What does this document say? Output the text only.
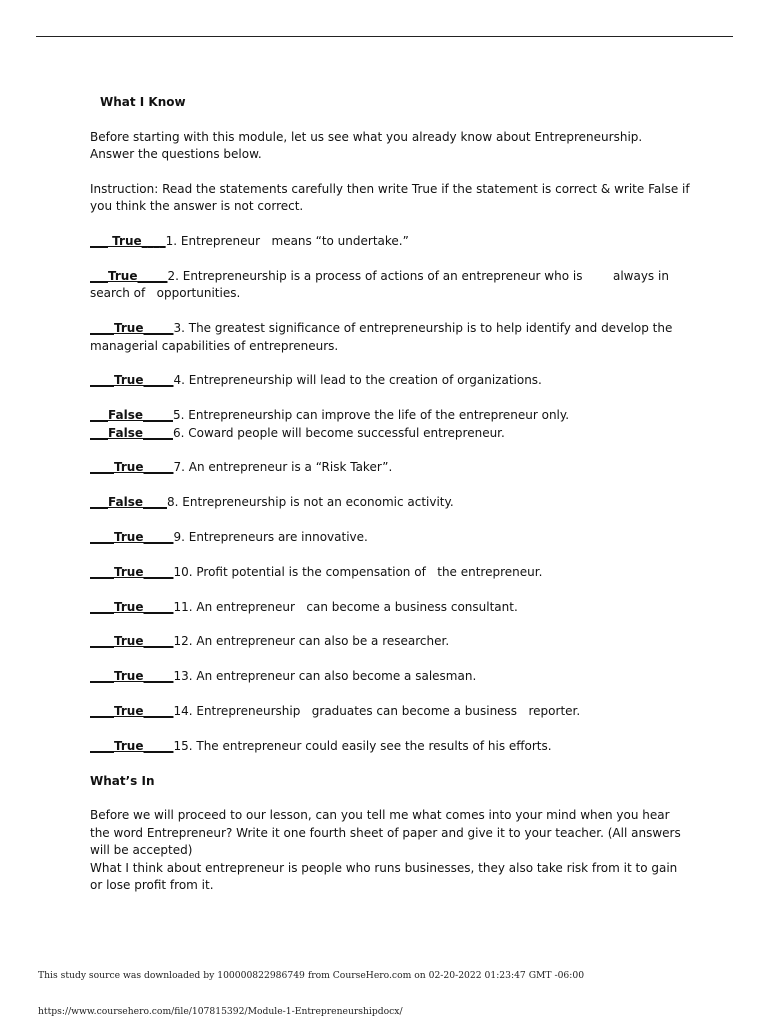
What I Know

Before starting with this module, let us see what you already know about Entrepreneurship. Answer the questions below.

Instruction: Read the statements carefully then write True if the statement is correct & write False if you think the answer is not correct.

___ True____1. Entrepreneur   means “to undertake.”

___True_____2. Entrepreneurship is a process of actions of an entrepreneur who is        always in search of   opportunities.

____True_____3. The greatest significance of entrepreneurship is to help identify and develop the managerial capabilities of entrepreneurs.

____True_____4. Entrepreneurship will lead to the creation of organizations.

___False_____5. Entrepreneurship can improve the life of the entrepreneur only.

___False_____6. Coward people will become successful entrepreneur.

____True_____7. An entrepreneur is a “Risk Taker”.

___False____8. Entrepreneurship is not an economic activity.

____True_____9. Entrepreneurs are innovative.

____True_____10. Profit potential is the compensation of   the entrepreneur.

____True_____11. An entrepreneur   can become a business consultant.

____True_____12. An entrepreneur can also be a researcher.

____True_____13. An entrepreneur can also become a salesman.

____True_____14. Entrepreneurship   graduates can become a business   reporter.

____True_____15. The entrepreneur could easily see the results of his efforts.

What’s In

Before we will proceed to our lesson, can you tell me what comes into your mind when you hear the word Entrepreneur? Write it one fourth sheet of paper and give it to your teacher. (All answers will be accepted)

What I think about entrepreneur is people who runs businesses, they also take risk from it to gain or lose profit from it.

This study source was downloaded by 100000822986749 from CourseHero.com on 02-20-2022 01:23:47 GMT -06:00
https://www.coursehero.com/file/107815392/Module-1-Entrepreneurshipdocx/
